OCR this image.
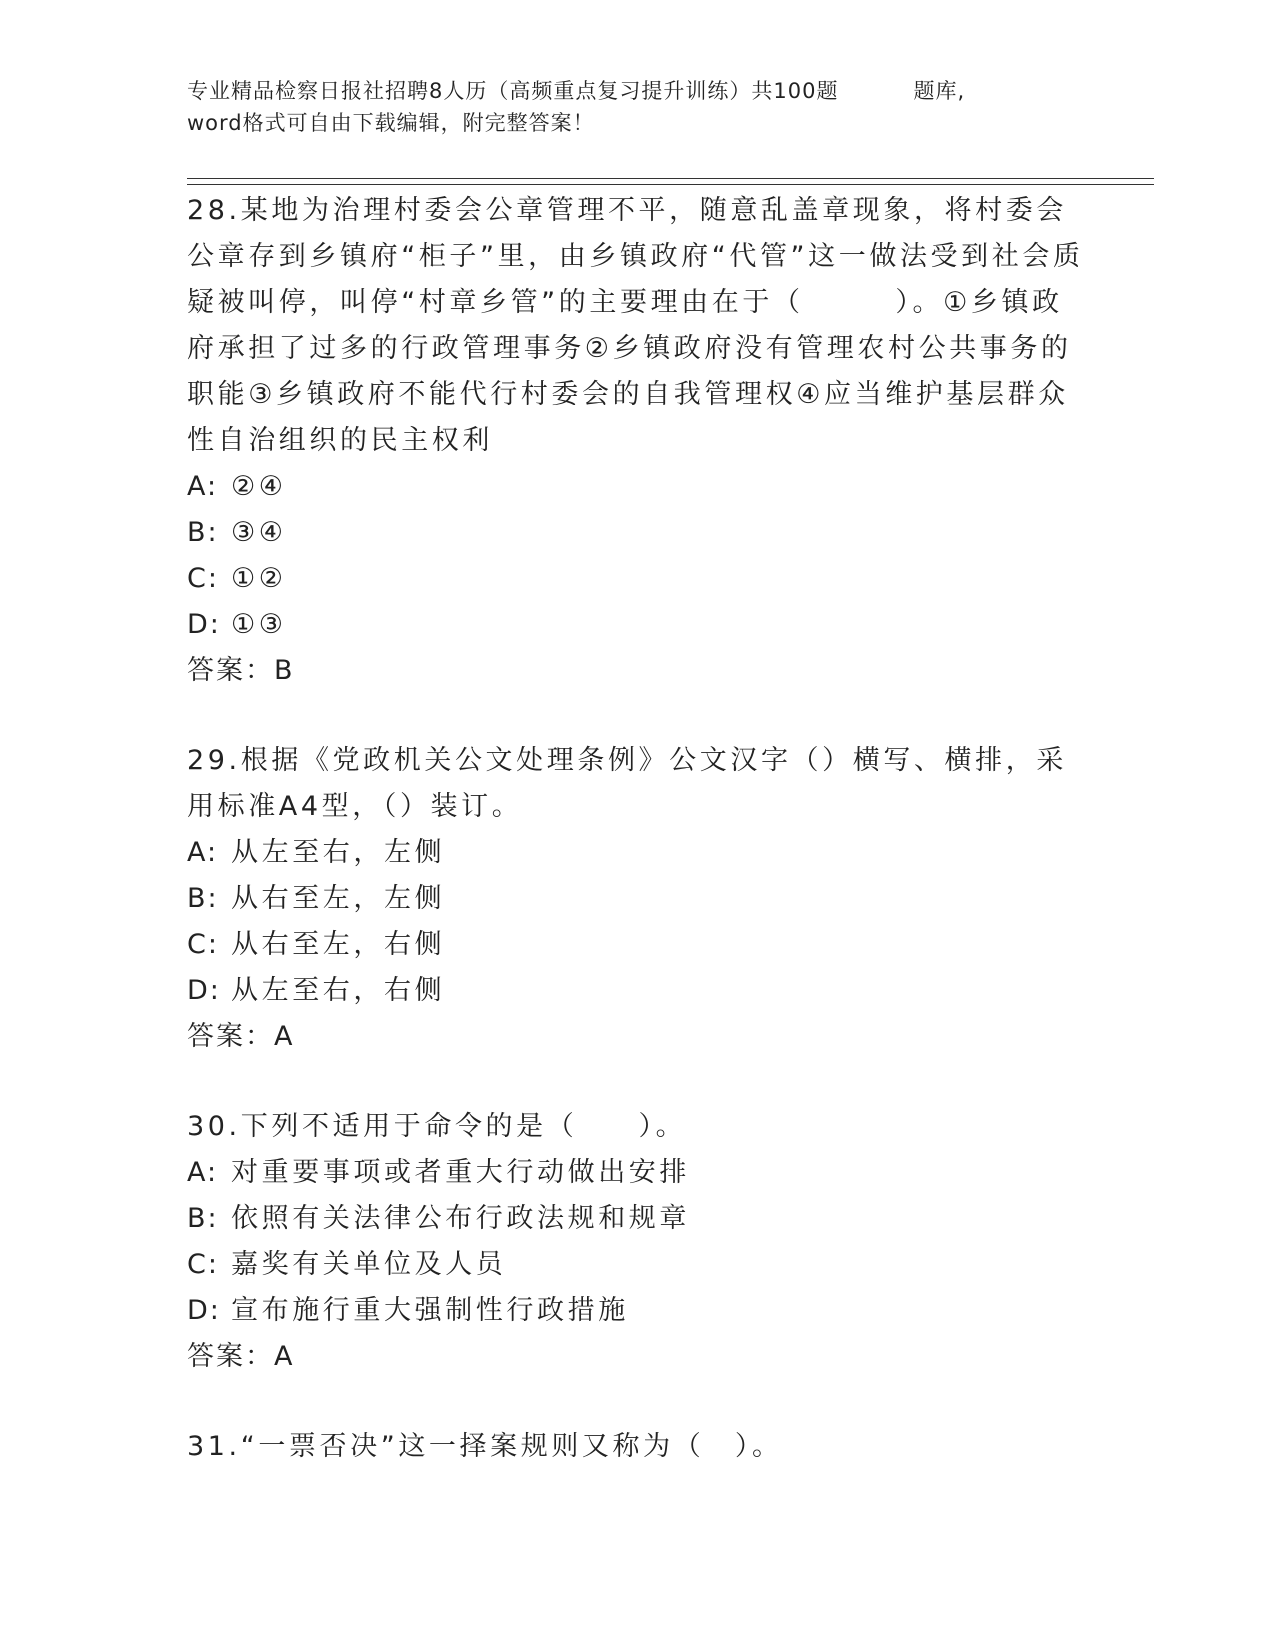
专业精品检察日报社招聘8人历（高频重点复习提升训练）共100题	题库,
word格式可自由下载编辑，附完整答案！
28.某地为治理村委会公章管理不平，随意乱盖章现象，将村委会公章存到乡镇府“柜子”里，由乡镇政府“代管”这一做法受到社会质疑被叫停，叫停“村章乡管”的主要理由在于（　　　）。①乡镇政府承担了过多的行政管理事务②乡镇政府没有管理农村公共事务的职能③乡镇政府不能代行村委会的自我管理权④应当维护基层群众性自治组织的民主权利
A: ②④
B: ③④
C: ①②
D: ①③
答案：B
29.根据《党政机关公文处理条例》公文汉字（）横写、横排，采用标准A4型，（）装订。
A: 从左至右，左侧
B: 从右至左，左侧
C: 从右至左，右侧
D: 从左至右，右侧
答案：A
30.下列不适用于命令的是（　　）。
A: 对重要事项或者重大行动做出安排
B: 依照有关法律公布行政法规和规章
C: 嘉奖有关单位及人员
D: 宣布施行重大强制性行政措施
答案：A
31.“一票否决”这一择案规则又称为（　）。
